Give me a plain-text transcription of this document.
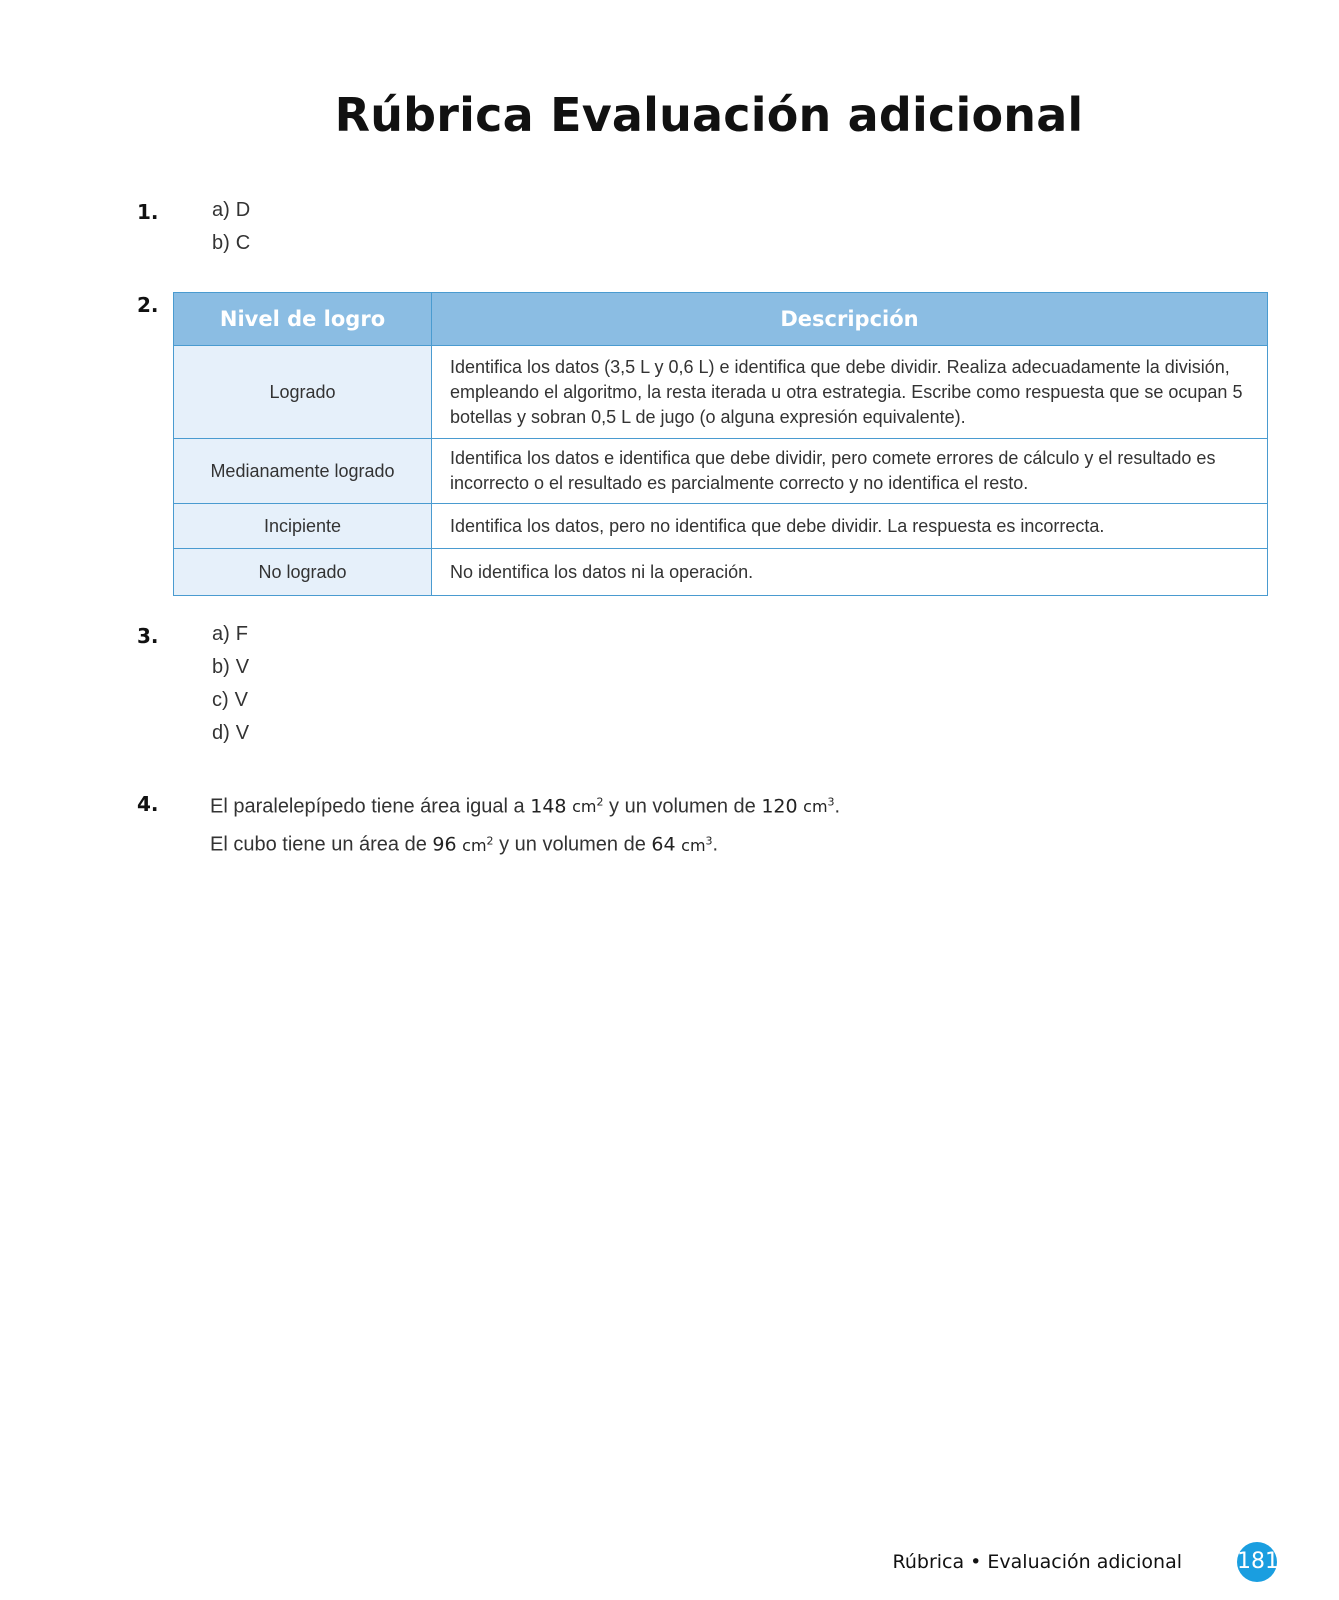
Rúbrica Evaluación adicional
1.	a) D
b) C
2.
Nivel de logro	Descripción
Logrado	Identifica los datos (3,5 L y 0,6 L) e identifica que debe dividir. Realiza adecuadamente la división, empleando el algoritmo, la resta iterada u otra estrategia. Escribe como respuesta que se ocupan 5 botellas y sobran 0,5 L de jugo (o alguna expresión equivalente).
Medianamente logrado	Identifica los datos e identifica que debe dividir, pero comete errores de cálculo y el resultado es incorrecto o el resultado es parcialmente correcto y no identifica el resto.
Incipiente	Identifica los datos, pero no identifica que debe dividir. La respuesta es incorrecta.
No logrado	No identifica los datos ni la operación.
3.	a) F
b) V
c) V
d) V
4.	El paralelepípedo tiene área igual a 148 $cm^2$ y un volumen de 120 $cm^3$.
El cubo tiene un área de 96 $cm^2$ y un volumen de 64 $cm^3$.
Rúbrica • Evaluación adicional	181
